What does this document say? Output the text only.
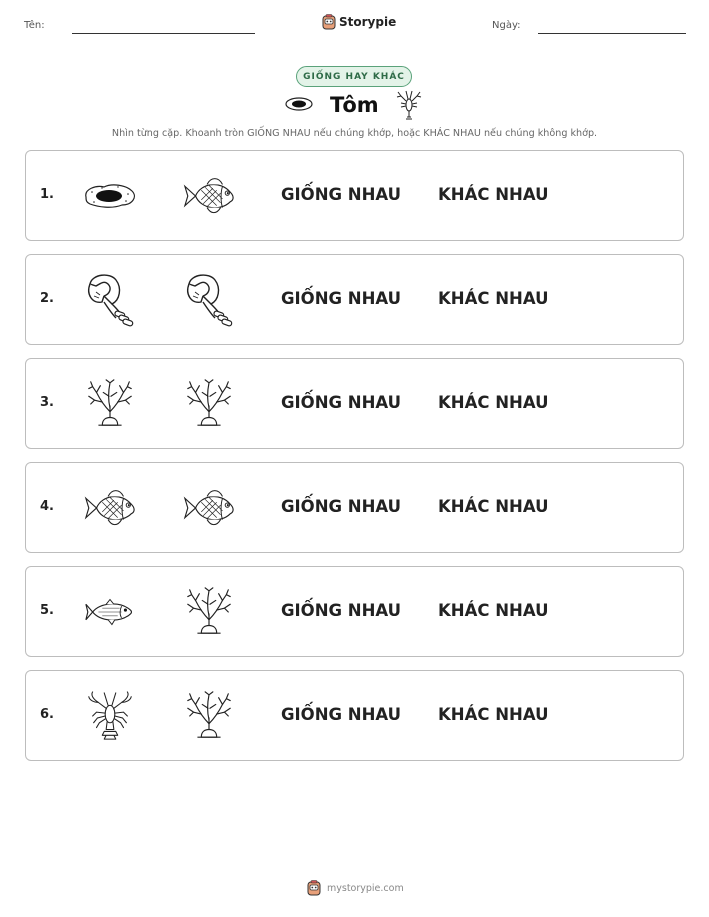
Tên:	Storypie	Ngày:
GIỐNG HAY KHÁC
Tôm
Nhìn từng cặp. Khoanh tròn GIỐNG NHAU nếu chúng khớp, hoặc KHÁC NHAU nếu chúng không khớp.
1.	GIỐNG NHAU KHÁC NHAU
2.	GIỐNG NHAU KHÁC NHAU
3.	GIỐNG NHAU KHÁC NHAU
4.	GIỐNG NHAU KHÁC NHAU
5.	GIỐNG NHAU KHÁC NHAU
6.	GIỐNG NHAU KHÁC NHAU
mystorypie.com
